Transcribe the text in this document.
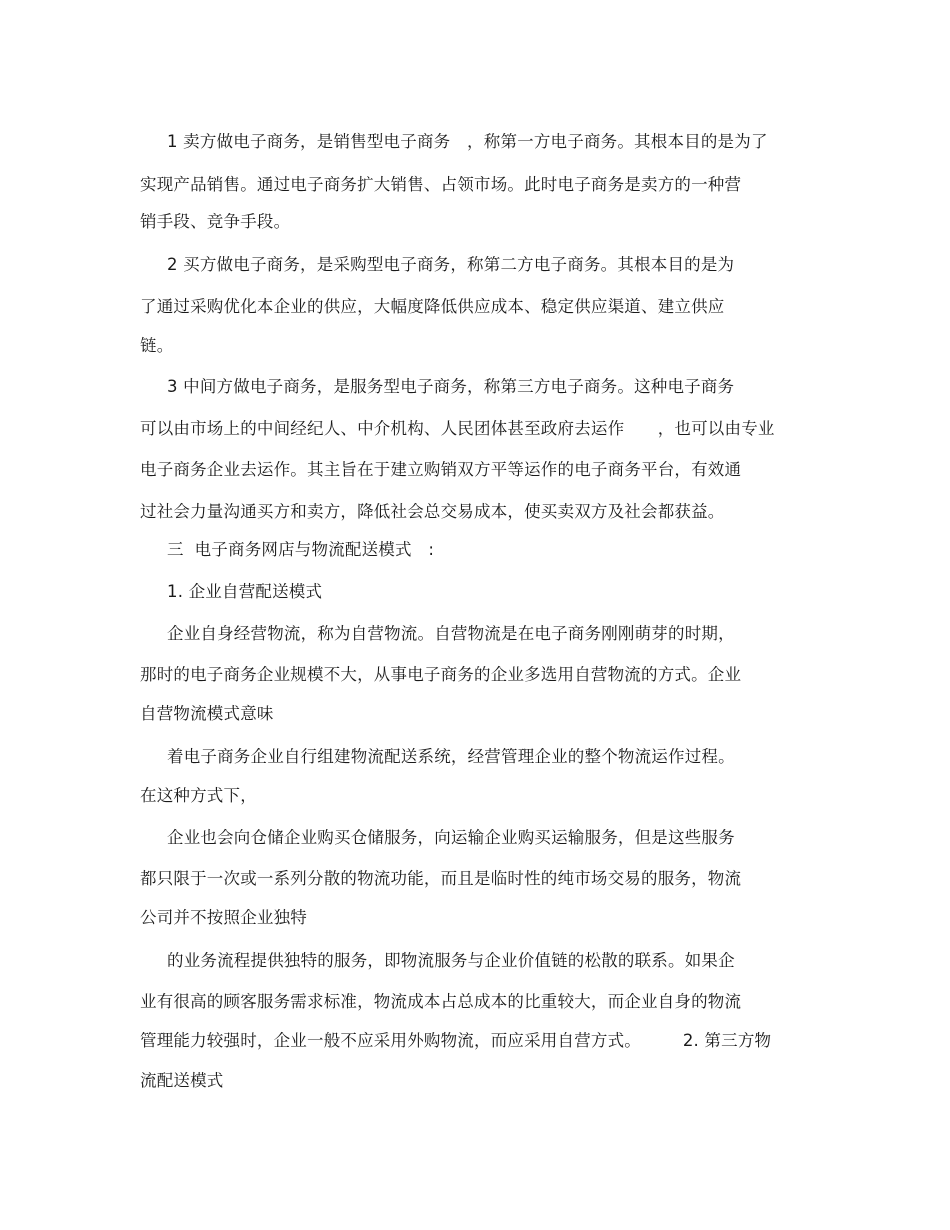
1 卖方做电子商务，是销售型电子商务　，称第一方电子商务。其根本目的是为了
实现产品销售。通过电子商务扩大销售、占领市场。此时电子商务是卖方的一种营
销手段、竞争手段。
2 买方做电子商务，是采购型电子商务，称第二方电子商务。其根本目的是为
了通过采购优化本企业的供应，大幅度降低供应成本、稳定供应渠道、建立供应
链。
3 中间方做电子商务，是服务型电子商务，称第三方电子商务。这种电子商务
可以由市场上的中间经纪人、中介机构、人民团体甚至政府去运作　　，也可以由专业
电子商务企业去运作。其主旨在于建立购销双方平等运作的电子商务平台，有效通
过社会力量沟通买方和卖方，降低社会总交易成本，使买卖双方及社会都获益。
三  电子商务网店与物流配送模式　:
1. 企业自营配送模式
企业自身经营物流，称为自营物流。自营物流是在电子商务刚刚萌芽的时期，
那时的电子商务企业规模不大，从事电子商务的企业多选用自营物流的方式。企业
自营物流模式意味
着电子商务企业自行组建物流配送系统，经营管理企业的整个物流运作过程。
在这种方式下，
企业也会向仓储企业购买仓储服务，向运输企业购买运输服务，但是这些服务
都只限于一次或一系列分散的物流功能，而且是临时性的纯市场交易的服务，物流
公司并不按照企业独特
的业务流程提供独特的服务，即物流服务与企业价值链的松散的联系。如果企
业有很高的顾客服务需求标准，物流成本占总成本的比重较大，而企业自身的物流
管理能力较强时，企业一般不应采用外购物流，而应采用自营方式。　　　2. 第三方物
流配送模式
